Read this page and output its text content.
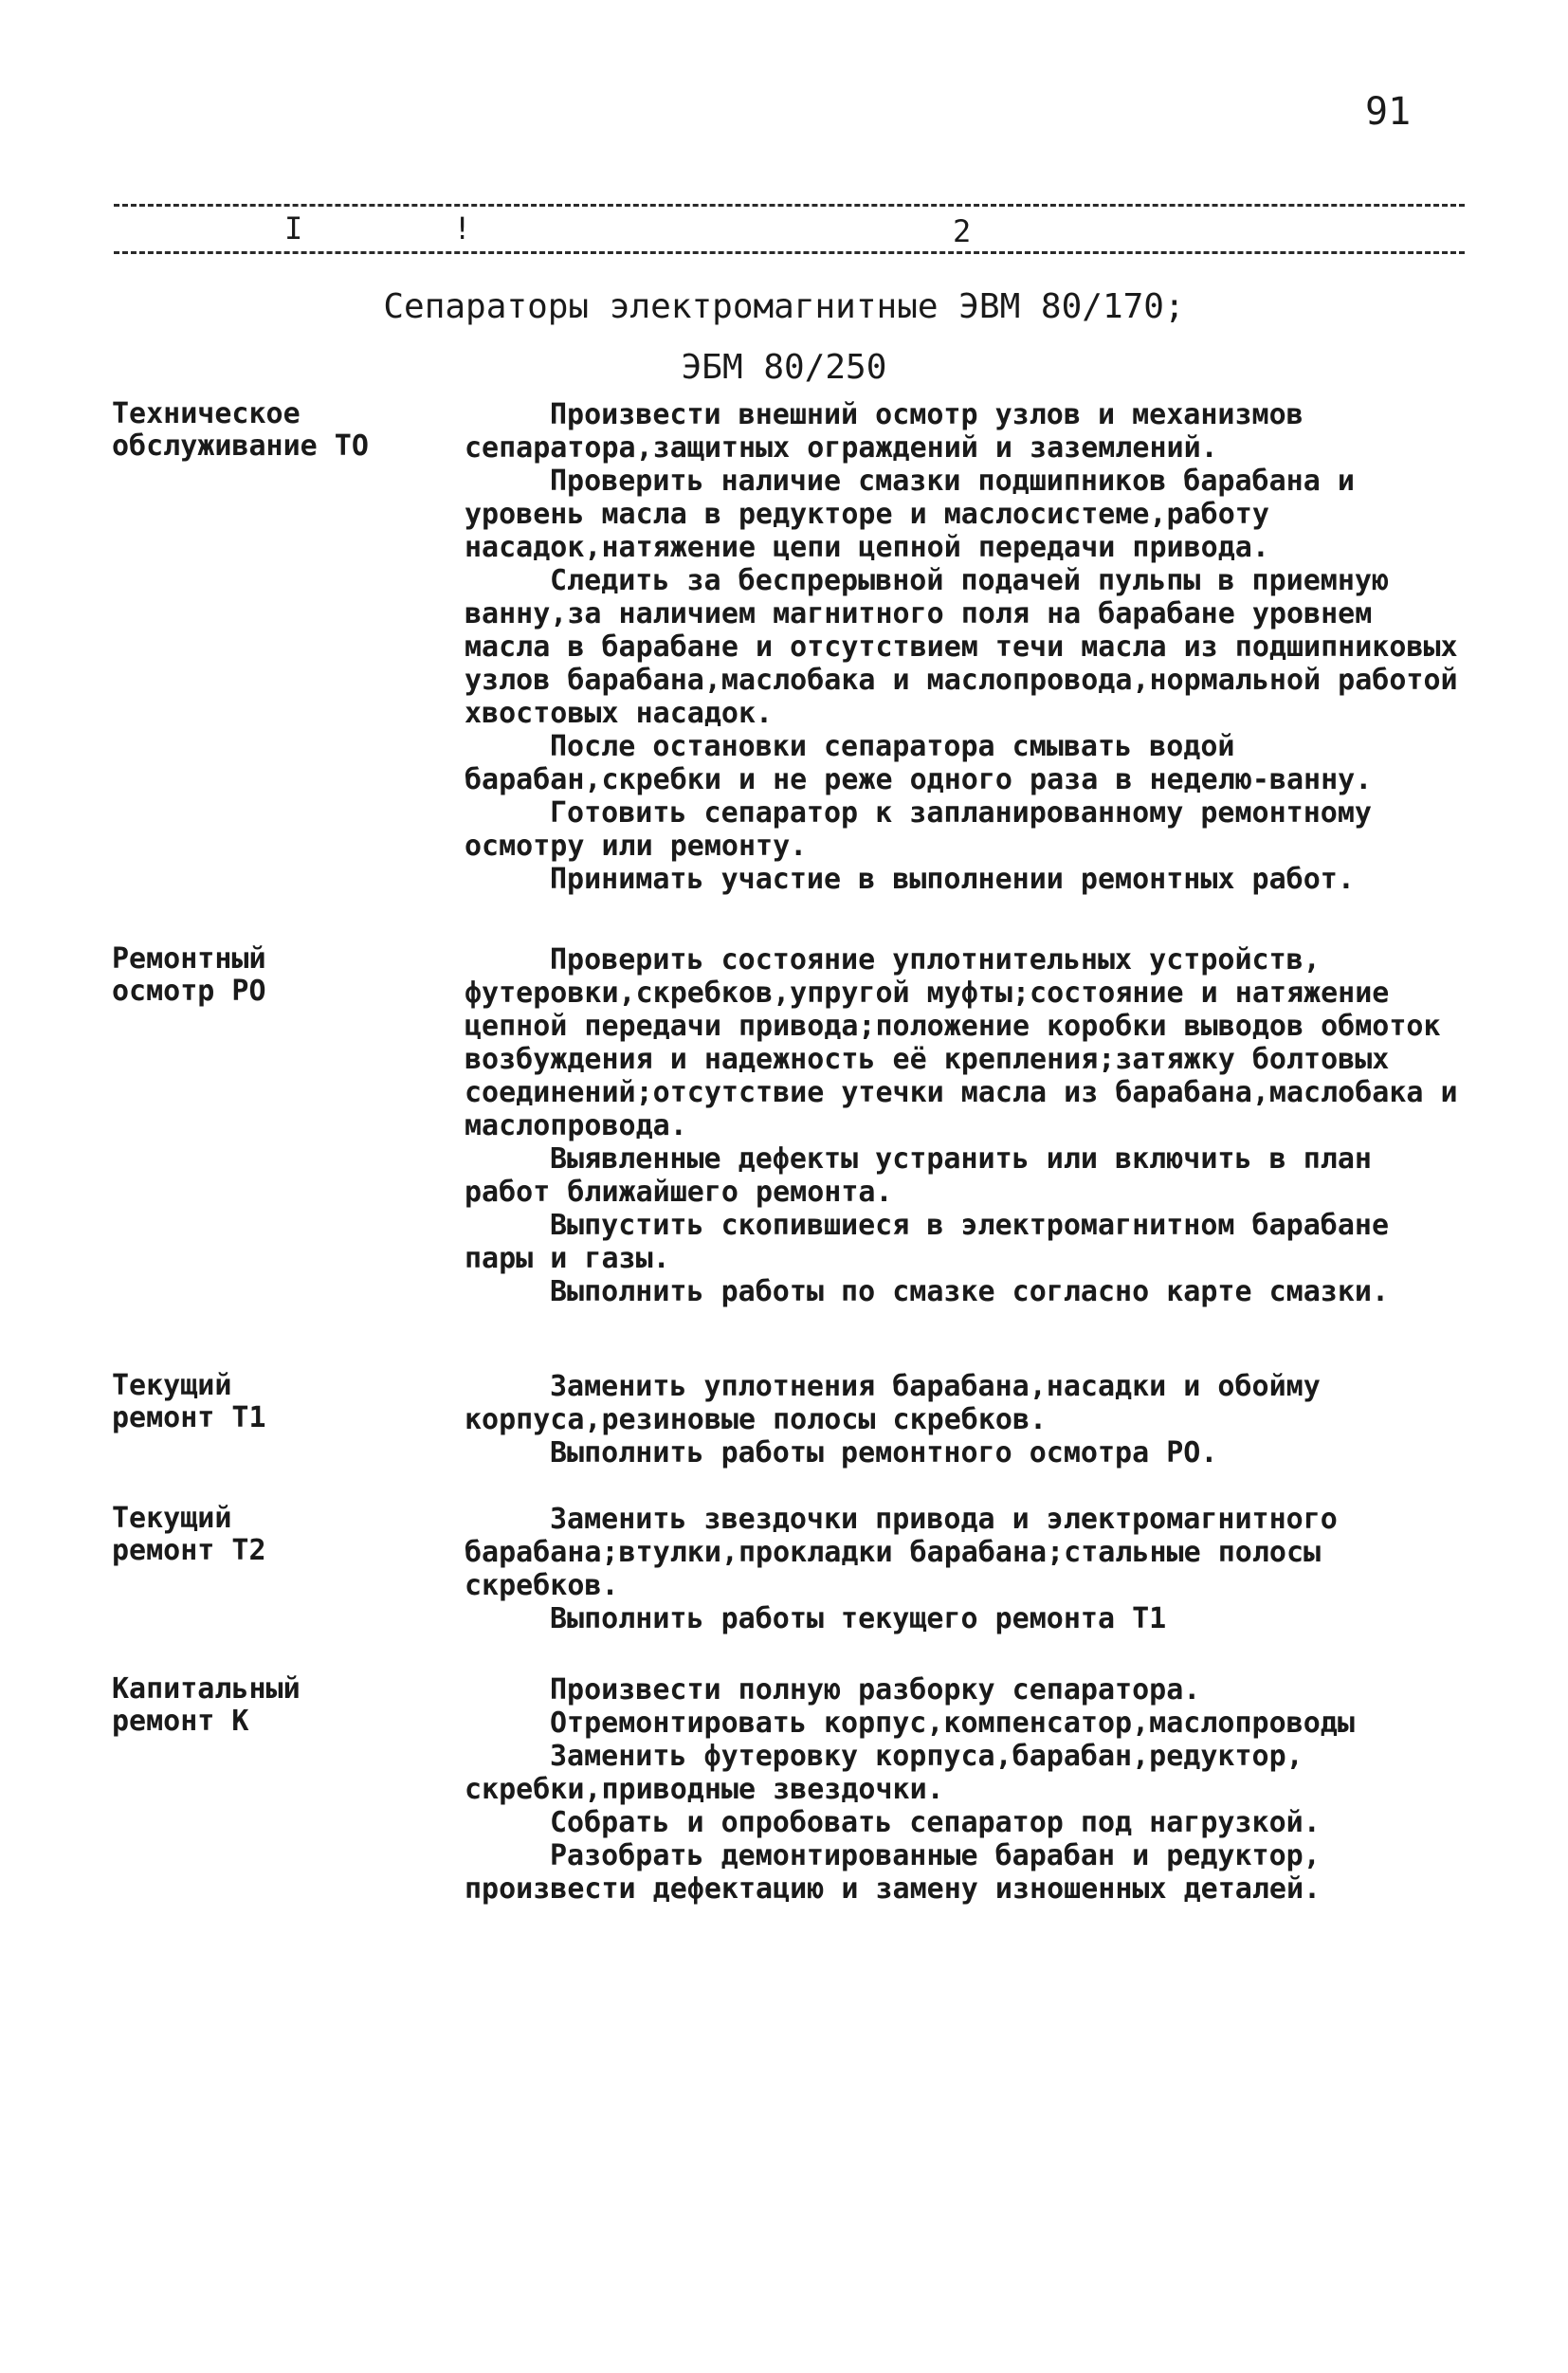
91
I	!	2
Сепараторы электромагнитные ЭВМ 80/170;
ЭБМ 80/250
Техническое обслуживание ТО

Произвести внешний осмотр узлов и механизмов сепаратора,защитных ограждений и заземлений.

Проверить наличие смазки подшипников барабана и уровень масла в редукторе и маслосистеме,работу насадок,натяжение цепи цепной передачи привода.

Следить за беспрерывной подачей пульпы в приемную ванну,за наличием магнитного поля на барабане уровнем масла в барабане и отсутствием течи масла из подшипниковых узлов барабана,маслобака и маслопровода,нормальной работой хвостовых насадок.

После остановки сепаратора смывать водой барабан,скребки и не реже одного раза в неделю-ванну.

Готовить сепаратор к запланированному ремонтному осмотру или ремонту.

Принимать участие в выполнении ремонтных работ.

Ремонтный осмотр РО

Проверить состояние уплотнительных устройств, футеровки,скребков,упругой муфты;состояние и натяжение цепной передачи привода;положение коробки выводов обмоток возбуждения и надежность её крепления;затяжку болтовых соединений;отсутствие утечки масла из барабана,маслобака и маслопровода.

Выявленные дефекты устранить или включить в план работ ближайшего ремонта.

Выпустить скопившиеся в электромагнитном барабане пары и газы.

Выполнить работы по смазке согласно карте смазки.

Текущий ремонт Т1

Заменить уплотнения барабана,насадки и обойму корпуса,резиновые полосы скребков.

Выполнить работы ремонтного осмотра РО.

Текущий ремонт Т2

Заменить звездочки привода и электромагнитного барабана;втулки,прокладки барабана;стальные полосы скребков.

Выполнить работы текущего ремонта Т1

Капитальный ремонт К

Произвести полную разборку сепаратора.

Отремонтировать корпус,компенсатор,маслопроводы

Заменить футеровку корпуса,барабан,редуктор, скребки,приводные звездочки.

Собрать и опробовать сепаратор под нагрузкой.

Разобрать демонтированные барабан и редуктор, произвести дефектацию и замену изношенных деталей.
